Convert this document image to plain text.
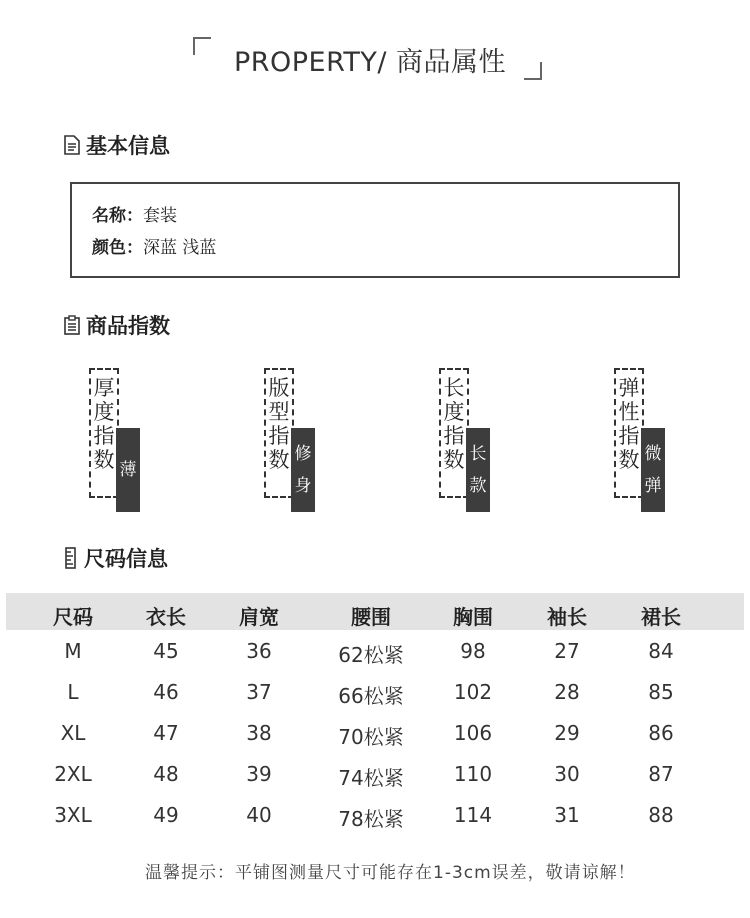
PROPERTY/ 商品属性
基本信息
名称：套装
颜色：深蓝 浅蓝
商品指数
厚
度
指
数 薄
版
型
指
数 修
身
长
度
指
数 长
款
弹
性
指
数 微
弹
尺码信息
尺码	衣长	肩宽	腰围	胸围	袖长	裙长
M	45	36	62松紧	98	27	84
L	46	37	66松紧	102	28	85
XL	47	38	70松紧	106	29	86
2XL	48	39	74松紧	110	30	87
3XL	49	40	78松紧	114	31	88
温馨提示：平铺图测量尺寸可能存在1-3cm误差，敬请谅解！
